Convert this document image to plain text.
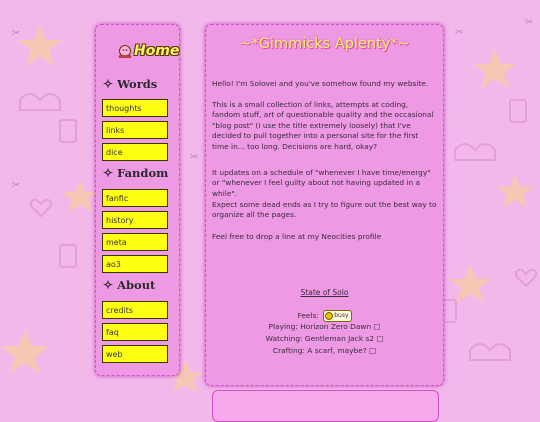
✂
✂
✂
✂
✂
Home
✧ Words
thoughts
links
dice
✧ Fandom
fanfic
history
meta
ao3
✧ About
credits
faq
web
~*Gimmicks Aplenty*~
Hello! I'm Solovei and you've somehow found my website.
This is a small collection of links, attempts at coding, fandom stuff, art of questionable quality and the occasional "blog post" (I use the title extremely loosely) that I've decided to pull together into a personal site for the first time in... too long. Decisions are hard, okay?
It updates on a schedule of "whenever I have time/energy" or "whenever I feel guilty about not having updated in a while".
Expect some dead ends as I try to figure out the best way to organize all the pages.
Feel free to drop a line at my Neocities profile
State of Solo
Feels:	busy
Playing: Horizon Zero Dawn □
Watching: Gentleman Jack s2 □
Crafting: A scarf, maybe? □
